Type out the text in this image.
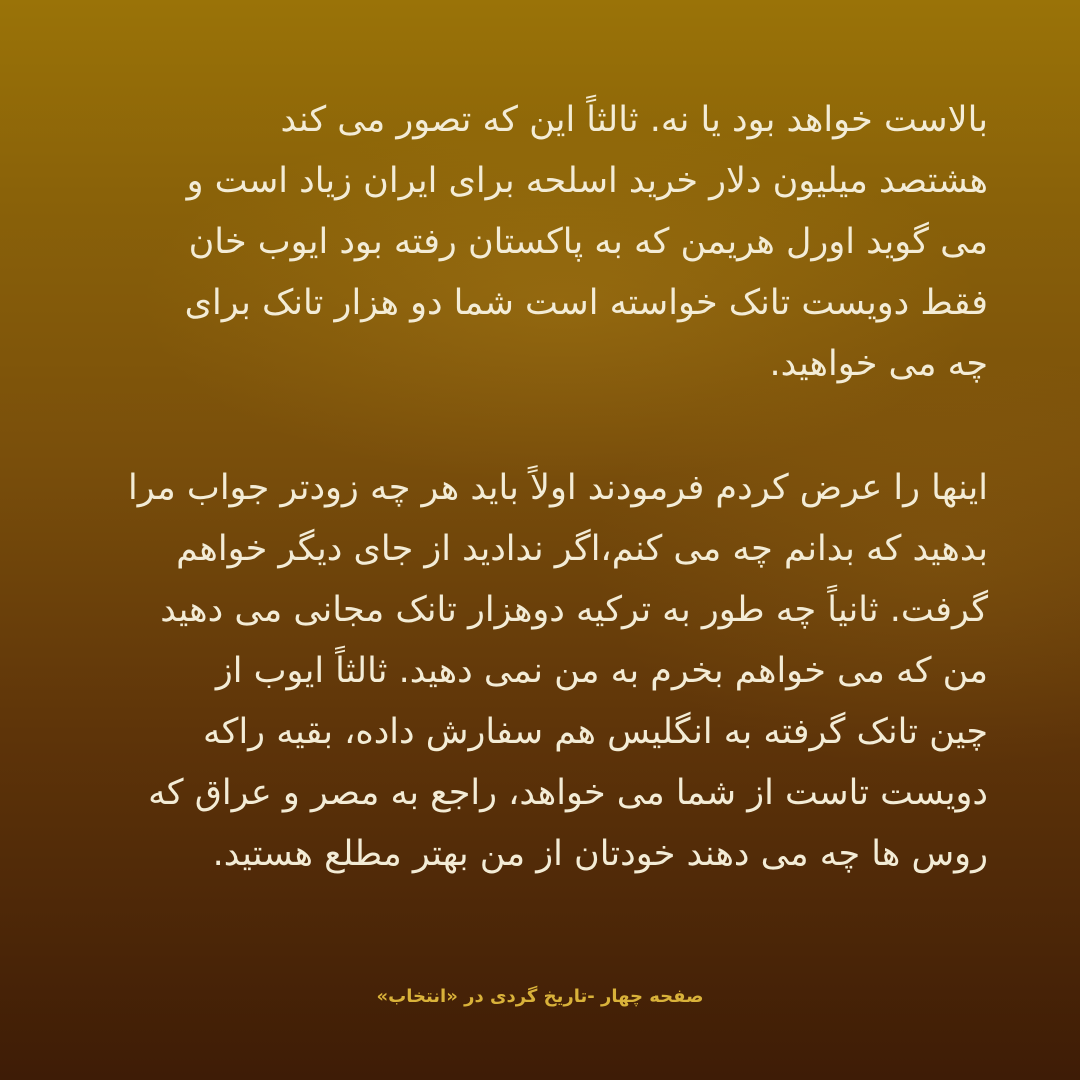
بالاست خواهد بود یا نه. ثالثاً این که تصور می کند
هشتصد میلیون دلار خرید اسلحه برای ایران زیاد است و
می گوید اورل هریمن که به پاکستان رفته بود ایوب خان
فقط دویست تانک خواسته است شما دو هزار تانک برای
چه می خواهید.
اینها را عرض کردم فرمودند اولاً باید هر چه زودتر جواب مرا
بدهید که بدانم چه می کنم،اگر ندادید از جای دیگر خواهم
گرفت. ثانیاً چه طور به ترکیه دوهزار تانک مجانی می دهید
من که می خواهم بخرم به من نمی دهید. ثالثاً ایوب از
چین تانک گرفته به انگلیس هم سفارش داده، بقیه راکه
دویست تاست از شما می خواهد، راجع به مصر و عراق که
روس ها چه می دهند خودتان از من بهتر مطلع هستید.
صفحه چهار -تاریخ گردی در «انتخاب»
